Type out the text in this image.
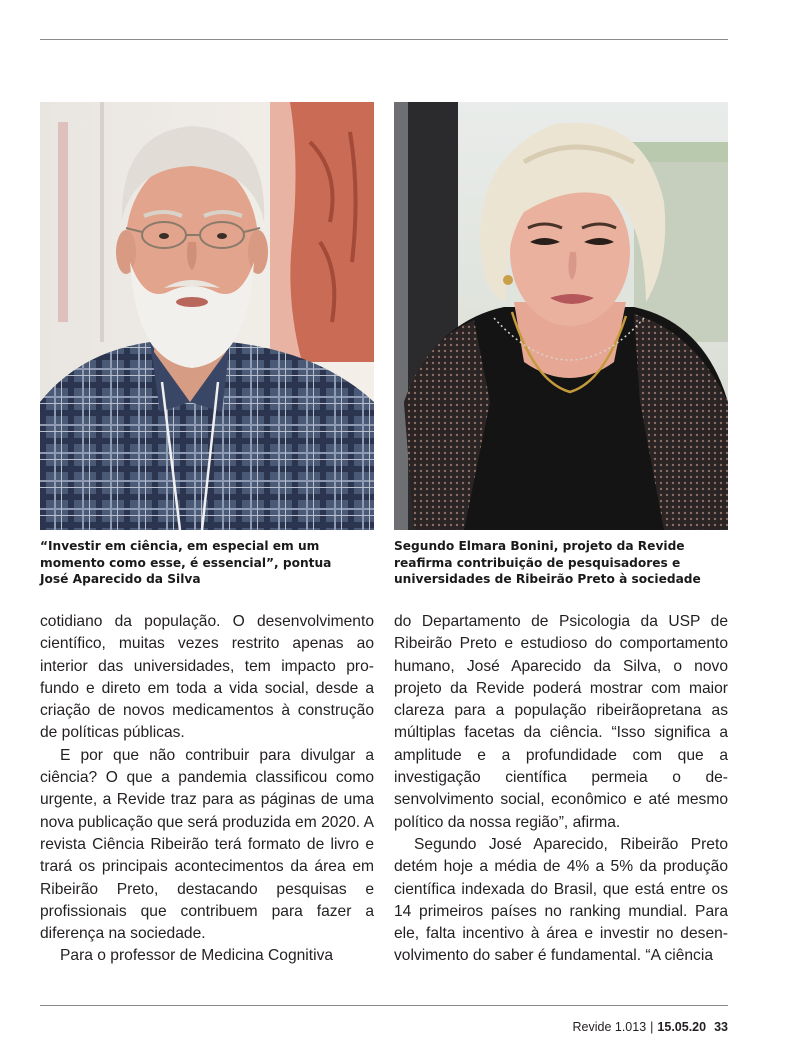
“Investir em ciência, em especial em um momento como esse, é essencial”, pontua José Aparecido da Silva
Segundo Elmara Bonini, projeto da Revide reafirma contribuição de pesquisadores e universidades de Ribeirão Preto à sociedade

cotidiano da população. O desenvolvimento científico, muitas vezes restrito apenas ao interior das universidades, tem impacto profundo e direto em toda a vida social, desde a criação de novos medicamentos à construção de políticas públicas.

E por que não contribuir para divulgar a ciência? O que a pandemia classificou como urgente, a Revide traz para as páginas de uma nova publicação que será produzida em 2020. A revista Ciência Ribeirão terá formato de livro e trará os principais acontecimentos da área em Ribeirão Preto, destacando pesquisas e profissionais que contribuem para fazer a diferença na sociedade.

Para o professor de Medicina Cognitiva

do Departamento de Psicologia da USP de Ribeirão Preto e estudioso do comportamento humano, José Aparecido da Silva, o novo projeto da Revide poderá mostrar com maior clareza para a população ribeirãopretana as múltiplas facetas da ciência. “Isso significa a amplitude e a profundidade com que a investigação científica permeia o desenvolvimento social, econômico e até mesmo político da nossa região”, afirma.

Segundo José Aparecido, Ribeirão Preto detém hoje a média de 4% a 5% da produção científica indexada do Brasil, que está entre os 14 primeiros países no ranking mundial. Para ele, falta incentivo à área e investir no desenvolvimento do saber é fundamental. “A ciência

Revide 1.013 | 15.05.20 33
